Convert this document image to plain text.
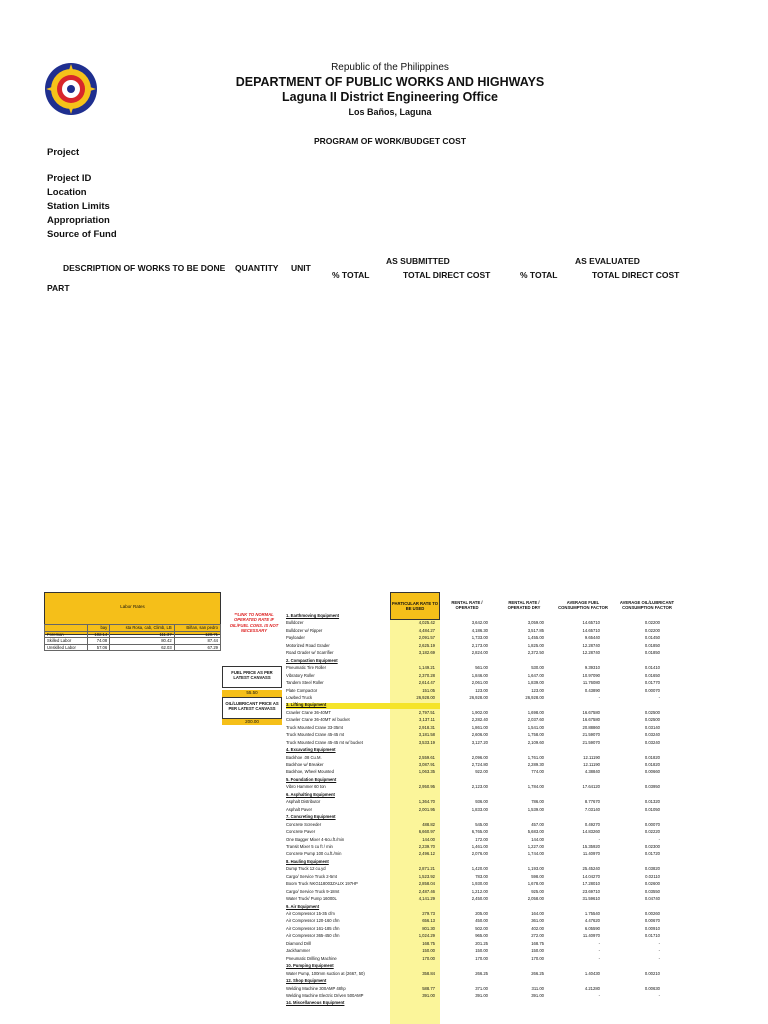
Republic of the Philippines
DEPARTMENT OF PUBLIC WORKS AND HIGHWAYS
Laguna II District Engineering Office
Los Baños, Laguna
PROGRAM OF WORK/BUDGET COST
Project
Project ID
Location
Station Limits
Appropriation
Source of Fund
AS SUBMITTED	AS EVALUATED
DESCRIPTION OF WORKS TO BE DONE QUANTITY UNIT
% TOTAL	TOTAL DIRECT COST	% TOTAL	TOTAL DIRECT COST
PART
Labor Rates
	bay	sta Rosa, cab, Climb, LB	Biñan, san pedro
Foreman	102.14	111.37	120.71
Skilled Labor	74.08	80.42	87.44
Unskilled Labor	57.06	62.03	67.29
**LINK TO NORMAL OPERATED RATE IF OIL/FUEL CONS. IS NOT NECESSARY
FUEL PRICE AS PER LATEST CANVASS
55.50
OIL/LUBRICANT PRICE AS PER LATEST CANVASS
200.00
PARTICULAR RATE TO BE USED
RENTAL RATE / OPERATED
RENTAL RATE / OPERATED DRY
AVERAGE FUEL CONSUMPTION FACTOR
AVERAGE OIL/LUBRICANT CONSUMPTION FACTOR
1. Earthmoving Equipment
Bulldozer	4,025.42	3,642.00	3,059.00	14.65710	0.02200
Bulldozer w/ Ripper	4,484.27	4,186.30	3,517.85	14.65710	0.02200
Payloader	2,091.57	1,733.00	1,455.00	9.65440	0.01450
Motorized Road Grader	2,625.19	2,173.00	1,825.00	12.28740	0.01850
Road Grader w/ Scarrifier	3,182.69	2,824.00	2,372.50	12.28740	0.01850
2. Compaction Equipment
Pneumatic Tire Roller	1,149.21	561.00	530.00	9.39310	0.01410
Vibratory Roller	2,370.28	1,846.00	1,647.00	10.97090	0.01650
Tandem Steel Roller	2,614.47	2,061.00	1,839.00	11.76080	0.01770
Plate Compactor	151.05	123.00	123.00	0.43890	0.00070
Lowbed Truck	26,928.00	26,928.00	26,928.00	-	-
3. Lifting Equipment
Crawler Crane 36-40MT	2,797.51	1,902.00	1,698.00	16.67580	0.02500
Crawler Crane 36-40MT w/ bucket	3,137.11	2,282.40	2,037.60	16.67580	0.02500
Truck Mounted Crane 33-35mt	2,918.31	1,861.00	1,541.00	20.88860	0.03140
Truck Mounted Crane 45-45 mt	3,181.58	2,606.00	1,758.00	21.59070	0.03240
Truck Mounted Crane 45-45 mt w/ bucket	3,533.19	3,127.20	2,109.60	21.59070	0.03240
4. Excavating Equipment
Backhoe .08 Cu.M.	2,559.61	2,096.00	1,761.00	12.11190	0.01820
Backhoe w/ Breaker	3,087.91	2,724.80	2,289.30	12.11190	0.01820
Backhoe, Wheel Mounted	1,063.35	922.00	774.00	4.38840	0.00660
5. Foundation Equipment
Vibro Hammer 60 ton	2,950.95	2,123.00	1,784.00	17.64120	0.03950
6. Asphalting Equipment
Asphalt Distributor	1,364.70	936.00	786.00	8.77670	0.01320
Asphalt Paver	2,001.95	1,833.00	1,539.00	7.03140	0.01050
7. Concreting Equipment
Concrete Screeder	488.82	545.00	457.00	0.49270	0.00070
Concrete Paver	6,660.97	6,765.00	5,683.00	14.83260	0.02220
One Bagger Mixer 4-6cu.ft./min	144.00	172.00	144.00	-	-
Transit Mixer 5 cu ft / min	2,239.70	1,461.00	1,227.00	15.35920	0.02300
Concrete Pump 100 cu.ft./min	2,496.12	2,076.00	1,744.00	11.40970	0.01720
8. Hauling Equipment
Dump Truck 12 cu.yd	2,871.21	1,420.00	1,193.00	25.45240	0.03820
Cargo/ Service Truck 2-5mt	1,523.92	783.00	598.00	14.04270	0.02110
Boom Truck NKG118003ZALIX 197HP	2,858.04	1,930.00	1,678.00	17.28010	0.02600
Cargo/ Service Truck 9-18mt	2,487.46	1,212.00	925.00	23.69710	0.03550
Water Truck/ Pump 16000L	4,141.29	2,450.00	2,058.00	31.59610	0.04740
9. Air Equipment
Air Compressor 15-35 cfm	279.73	205.00	164.00	1.75540	0.00260
Air Compressor 120-160 cfm	656.13	450.00	361.00	4.47620	0.00670
Air Compressor 161-185 cfm	801.30	502.00	402.00	6.05590	0.00910
Air Compressor 365-450 cfm	1,024.29	965.00	272.00	11.40970	0.01710
Diamond Drill	168.75	201.25	168.75	-	-
Jackhammer	150.00	150.00	150.00	-	-
Pneumatic Drilling Machine	170.00	170.00	170.00	-	-
10. Pumping Equipment
Water Pump, 100mm suction at (2667, 50)	358.84	266.25	266.25	1.40430	0.00210
12. Shop Equipment
Welding Machine 300AMP 48hp	588.77	371.00	311.00	4.21280	0.00630
Welding Machine Electric Driven 500AMP	391.00	391.00	391.00	-	-
14. Miscellaneous Equipment
